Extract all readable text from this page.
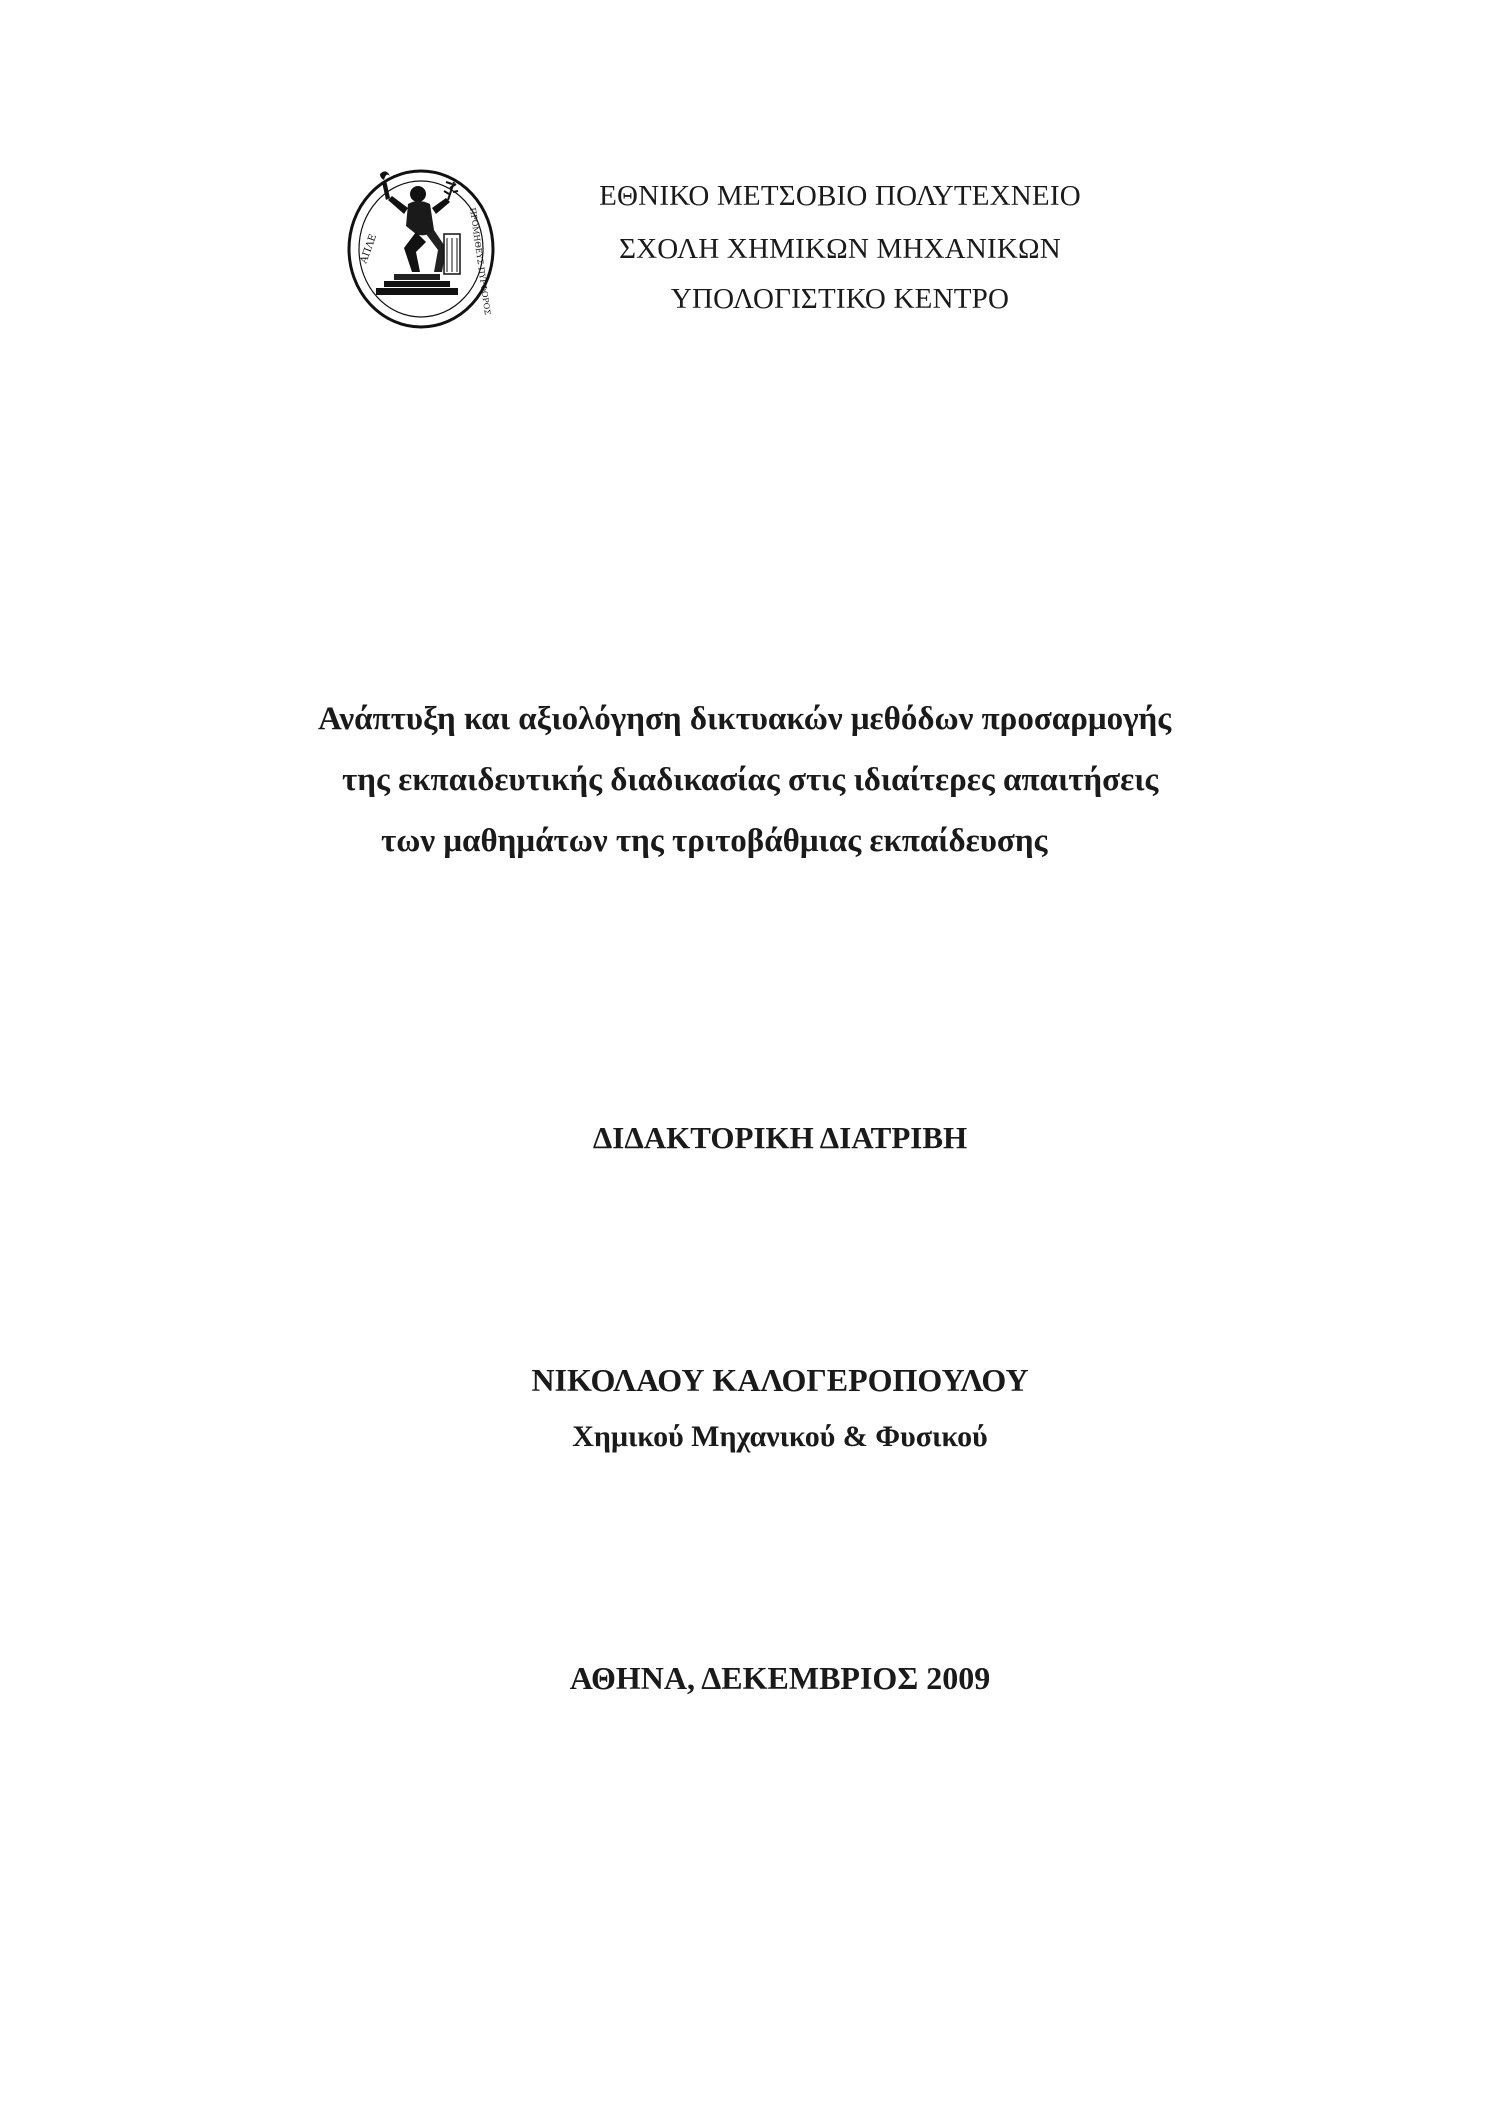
ΑΠΛΕ	ΠΡΟΜΗΘΕΥΣ ΠΥΡΦΟΡΟΣ
ΕΘΝΙΚΟ ΜΕΤΣΟΒΙΟ ΠΟΛΥΤΕΧΝΕΙΟ
ΣΧΟΛΗ ΧΗΜΙΚΩΝ ΜΗΧΑΝΙΚΩΝ
ΥΠΟΛΟΓΙΣΤΙΚΟ ΚΕΝΤΡΟ
Ανάπτυξη και αξιολόγηση δικτυακών μεθόδων προσαρμογής
της εκπαιδευτικής διαδικασίας στις ιδιαίτερες απαιτήσεις
των μαθημάτων της τριτοβάθμιας εκπαίδευσης
ΔΙΔΑΚΤΟΡΙΚΗ ΔΙΑΤΡΙΒΗ
ΝΙΚΟΛΑΟΥ ΚΑΛΟΓΕΡΟΠΟΥΛΟΥ
Χημικού Μηχανικού & Φυσικού
ΑΘΗΝΑ, ΔΕΚΕΜΒΡΙΟΣ 2009
